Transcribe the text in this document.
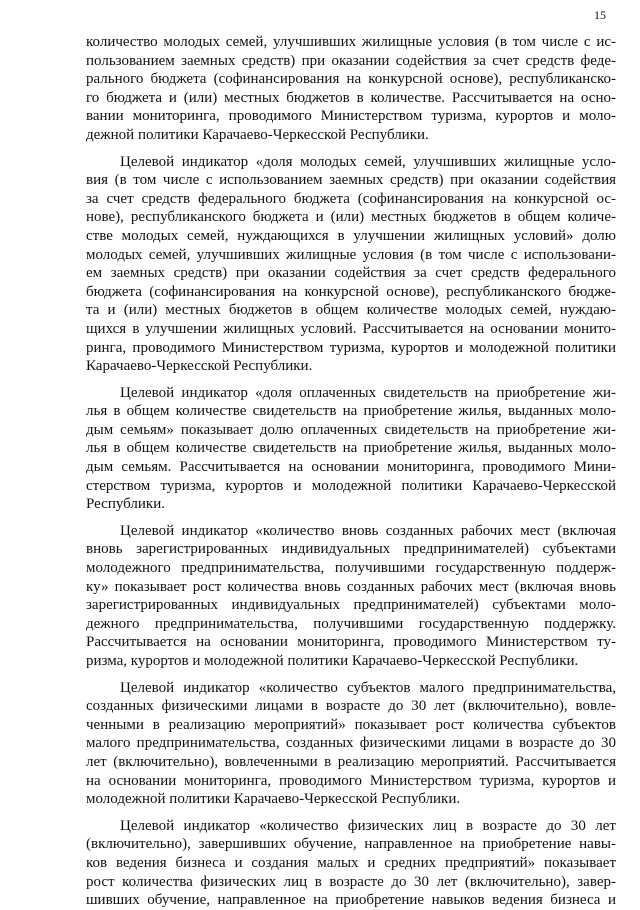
15

количество молодых семей, улучшивших жилищные условия (в том числе с ис-
пользованием заемных средств) при оказании содействия за счет средств феде-
рального бюджета (софинансирования на конкурсной основе), республиканско-
го бюджета и (или) местных бюджетов в количестве. Рассчитывается на осно-
вании мониторинга, проводимого Министерством туризма, курортов и моло-
дежной политики Карачаево-Черкесской Республики.

Целевой индикатор «доля молодых семей, улучшивших жилищные усло-
вия (в том числе с использованием заемных средств) при оказании содействия
за счет средств федерального бюджета (софинансирования на конкурсной ос-
нове), республиканского бюджета и (или) местных бюджетов в общем количе-
стве молодых семей, нуждающихся в улучшении жилищных условий» долю
молодых семей, улучшивших жилищные условия (в том числе с использовани-
ем заемных средств) при оказании содействия за счет средств федерального
бюджета (софинансирования на конкурсной основе), республиканского бюдже-
та и (или) местных бюджетов в общем количестве молодых семей, нуждаю-
щихся в улучшении жилищных условий. Рассчитывается на основании монито-
ринга, проводимого Министерством туризма, курортов и молодежной политики
Карачаево-Черкесской Республики.

Целевой индикатор «доля оплаченных свидетельств на приобретение жи-
лья в общем количестве свидетельств на приобретение жилья, выданных моло-
дым семьям» показывает долю оплаченных свидетельств на приобретение жи-
лья в общем количестве свидетельств на приобретение жилья, выданных моло-
дым семьям. Рассчитывается на основании мониторинга, проводимого Мини-
стерством туризма, курортов и молодежной политики Карачаево-Черкесской
Республики.

Целевой индикатор «количество вновь созданных рабочих мест (включая
вновь зарегистрированных индивидуальных предпринимателей) субъектами
молодежного предпринимательства, получившими государственную поддерж-
ку» показывает рост количества вновь созданных рабочих мест (включая вновь
зарегистрированных индивидуальных предпринимателей) субъектами моло-
дежного предпринимательства, получившими государственную поддержку.
Рассчитывается на основании мониторинга, проводимого Министерством ту-
ризма, курортов и молодежной политики Карачаево-Черкесской Республики.

Целевой индикатор «количество субъектов малого предпринимательства,
созданных физическими лицами в возрасте до 30 лет (включительно), вовле-
ченными в реализацию мероприятий» показывает рост количества субъектов
малого предпринимательства, созданных физическими лицами в возрасте до 30
лет (включительно), вовлеченными в реализацию мероприятий. Рассчитывается
на основании мониторинга, проводимого Министерством туризма, курортов и
молодежной политики Карачаево-Черкесской Республики.

Целевой индикатор «количество физических лиц в возрасте до 30 лет
(включительно), завершивших обучение, направленное на приобретение навы-
ков ведения бизнеса и создания малых и средних предприятий» показывает
рост количества физических лиц в возрасте до 30 лет (включительно), завер-
шивших обучение, направленное на приобретение навыков ведения бизнеса и
